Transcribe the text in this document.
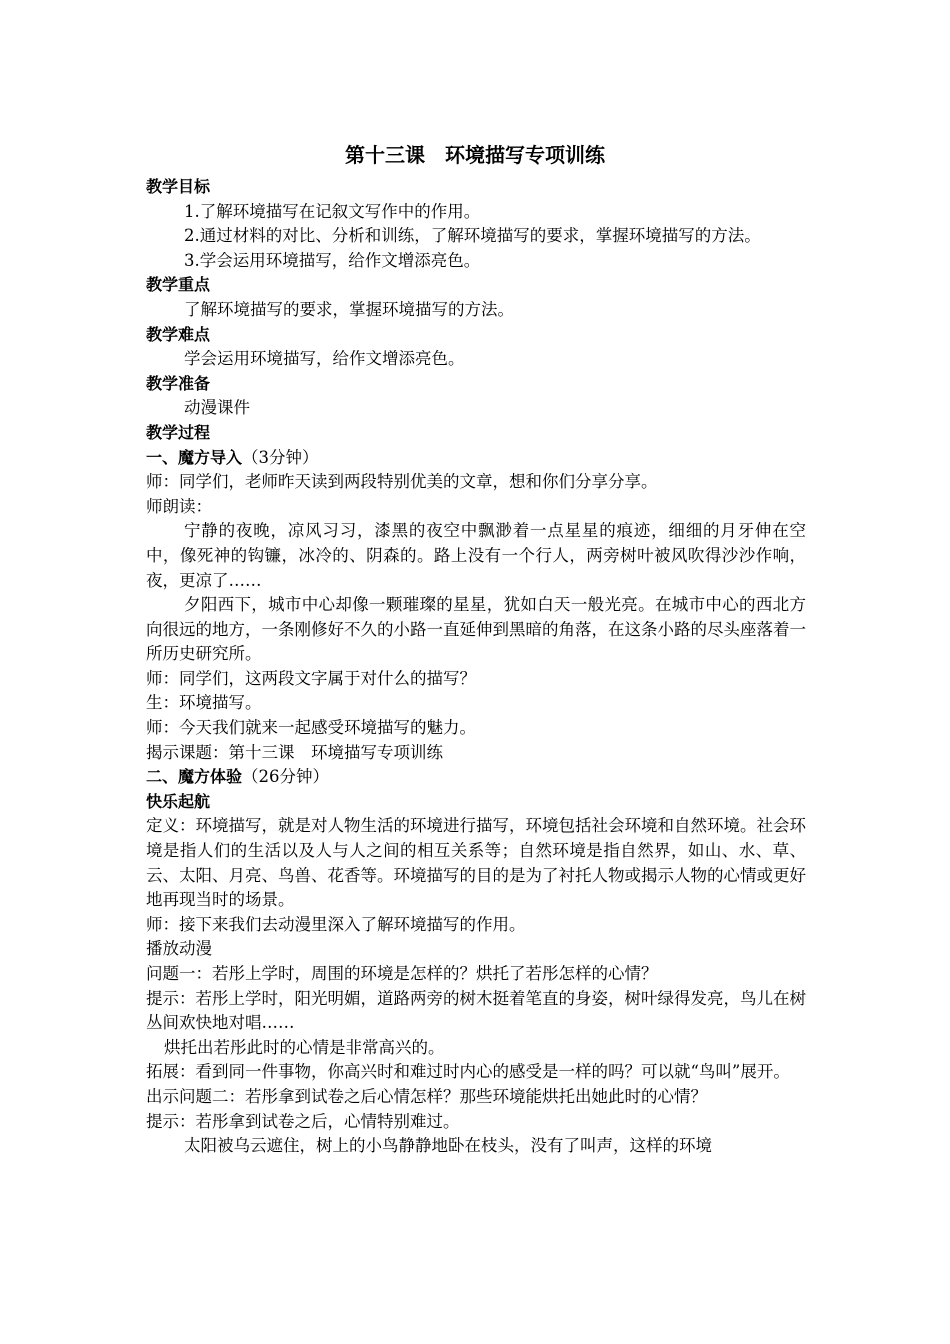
第十三课　环境描写专项训练
教学目标
1.了解环境描写在记叙文写作中的作用。
2.通过材料的对比、分析和训练，了解环境描写的要求，掌握环境描写的方法。
3.学会运用环境描写，给作文增添亮色。
教学重点
了解环境描写的要求，掌握环境描写的方法。
教学难点
学会运用环境描写，给作文增添亮色。
教学准备
动漫课件
教学过程
一、魔方导入（3分钟）
师：同学们，老师昨天读到两段特别优美的文章，想和你们分享分享。
师朗读：
宁静的夜晚，凉风习习，漆黑的夜空中飘渺着一点星星的痕迹，细细的月牙伸在空中，像死神的钩镰，冰冷的、阴森的。路上没有一个行人，两旁树叶被风吹得沙沙作响，夜，更凉了……
夕阳西下，城市中心却像一颗璀璨的星星，犹如白天一般光亮。在城市中心的西北方向很远的地方，一条刚修好不久的小路一直延伸到黑暗的角落，在这条小路的尽头座落着一所历史研究所。
师：同学们，这两段文字属于对什么的描写？
生：环境描写。
师：今天我们就来一起感受环境描写的魅力。
揭示课题：第十三课　环境描写专项训练
二、魔方体验（26分钟）
快乐起航
定义：环境描写，就是对人物生活的环境进行描写，环境包括社会环境和自然环境。社会环境是指人们的生活以及人与人之间的相互关系等；自然环境是指自然界，如山、水、草、云、太阳、月亮、鸟兽、花香等。环境描写的目的是为了衬托人物或揭示人物的心情或更好地再现当时的场景。
师：接下来我们去动漫里深入了解环境描写的作用。
播放动漫
问题一：若彤上学时，周围的环境是怎样的？烘托了若彤怎样的心情？
提示：若彤上学时，阳光明媚，道路两旁的树木挺着笔直的身姿，树叶绿得发亮，鸟儿在树丛间欢快地对唱……
烘托出若彤此时的心情是非常高兴的。
拓展：看到同一件事物，你高兴时和难过时内心的感受是一样的吗？可以就“鸟叫”展开。
出示问题二：若彤拿到试卷之后心情怎样？那些环境能烘托出她此时的心情？
提示：若彤拿到试卷之后，心情特别难过。
太阳被乌云遮住，树上的小鸟静静地卧在枝头，没有了叫声，这样的环境
